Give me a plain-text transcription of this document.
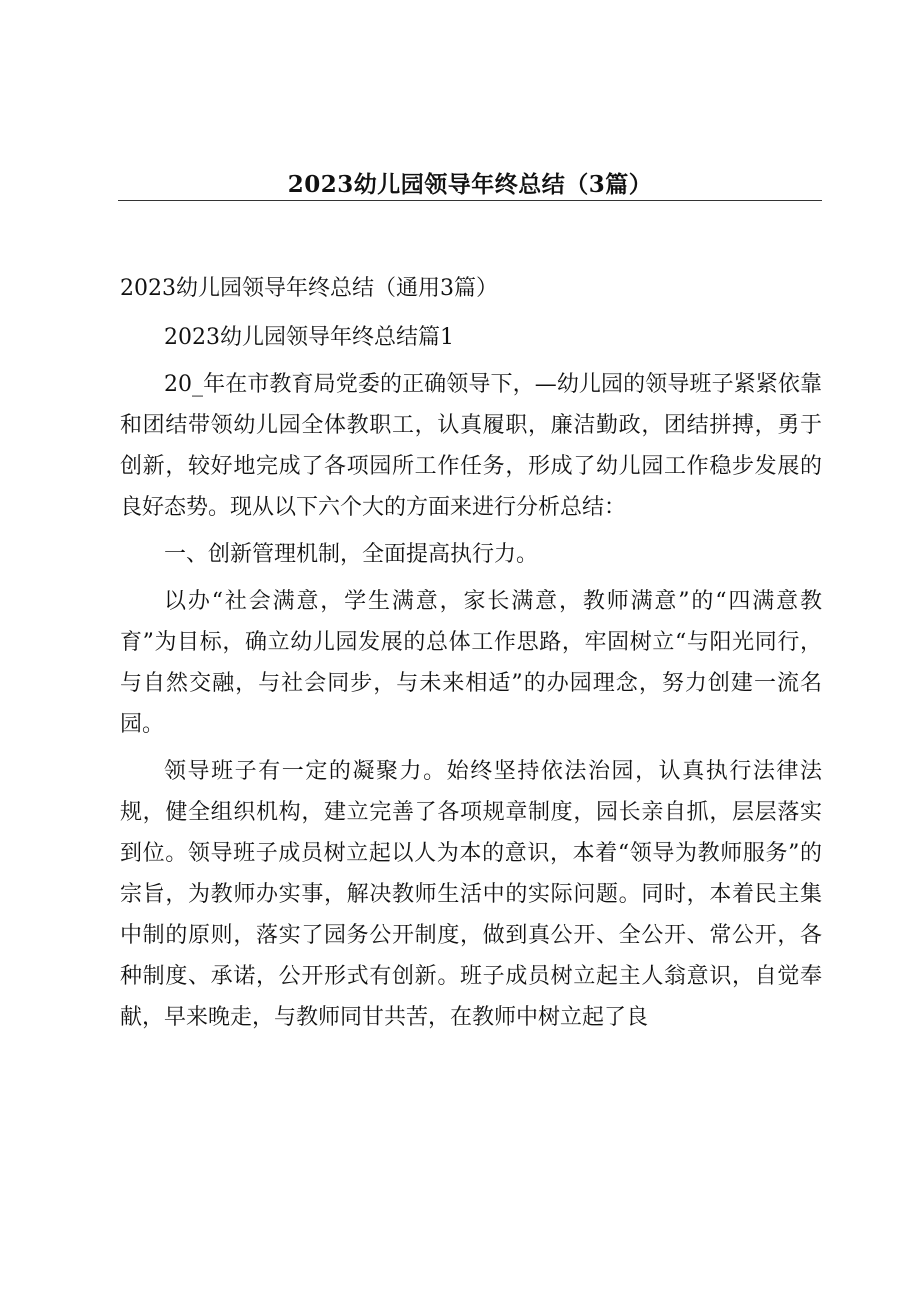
2023幼儿园领导年终总结（3篇）

2023幼儿园领导年终总结（通用3篇）

2023幼儿园领导年终总结篇1

20_年在市教育局党委的正确领导下，—幼儿园的领导班子紧紧依靠和团结带领幼儿园全体教职工，认真履职，廉洁勤政，团结拼搏，勇于创新，较好地完成了各项园所工作任务，形成了幼儿园工作稳步发展的良好态势。现从以下六个大的方面来进行分析总结：

一、创新管理机制，全面提高执行力。

以办“社会满意，学生满意，家长满意，教师满意”的“四满意教育”为目标，确立幼儿园发展的总体工作思路，牢固树立“与阳光同行，与自然交融，与社会同步，与未来相适”的办园理念，努力创建一流名园。

领导班子有一定的凝聚力。始终坚持依法治园，认真执行法律法规，健全组织机构，建立完善了各项规章制度，园长亲自抓，层层落实到位。领导班子成员树立起以人为本的意识，本着“领导为教师服务”的宗旨，为教师办实事，解决教师生活中的实际问题。同时，本着民主集中制的原则，落实了园务公开制度，做到真公开、全公开、常公开，各种制度、承诺，公开形式有创新。班子成员树立起主人翁意识，自觉奉献，早来晚走，与教师同甘共苦，在教师中树立起了良
